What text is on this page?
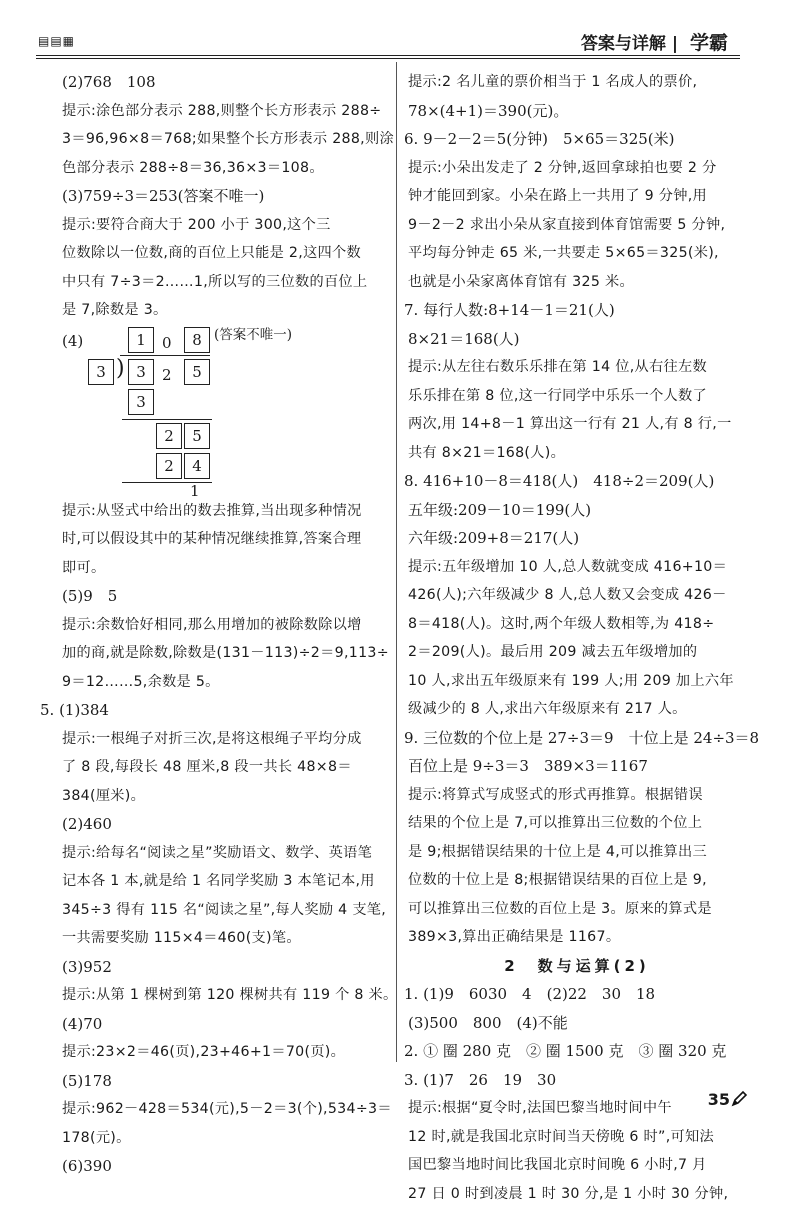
▤▤▦	答案与详解 | 学霸
(2)768　108
提示:涂色部分表示 288,则整个长方形表示 288÷
3＝96,96×8＝768;如果整个长方形表示 288,则涂
色部分表示 288÷8＝36,36×3＝108。
(3)759÷3＝253(答案不唯一)
提示:要符合商大于 200 小于 300,这个三
位数除以一位数,商的百位上只能是 2,这四个数
中只有 7÷3＝2……1,所以写的三位数的百位上
是 7,除数是 3。
(4)	(答案不唯一)
1	0	8
3 ) 3	2	5
3
2	5
2	4
1
提示:从竖式中给出的数去推算,当出现多种情况
时,可以假设其中的某种情况继续推算,答案合理
即可。
(5)9　5
提示:余数恰好相同,那么用增加的被除数除以增
加的商,就是除数,除数是(131－113)÷2＝9,113÷
9＝12……5,余数是 5。
5. (1)384
提示:一根绳子对折三次,是将这根绳子平均分成
了 8 段,每段长 48 厘米,8 段一共长 48×8＝
384(厘米)。
(2)460
提示:给每名“阅读之星”奖励语文、数学、英语笔
记本各 1 本,就是给 1 名同学奖励 3 本笔记本,用
345÷3 得有 115 名“阅读之星”,每人奖励 4 支笔,
一共需要奖励 115×4＝460(支)笔。
(3)952
提示:从第 1 棵树到第 120 棵树共有 119 个 8 米。
(4)70
提示:23×2＝46(页),23+46+1＝70(页)。
(5)178
提示:962－428＝534(元),5－2＝3(个),534÷3＝
178(元)。
(6)390
提示:2 名儿童的票价相当于 1 名成人的票价,
78×(4+1)＝390(元)。
6. 9－2－2＝5(分钟)　5×65＝325(米)
提示:小朵出发走了 2 分钟,返回拿球拍也要 2 分
钟才能回到家。小朵在路上一共用了 9 分钟,用
9－2－2 求出小朵从家直接到体育馆需要 5 分钟,
平均每分钟走 65 米,一共要走 5×65＝325(米),
也就是小朵家离体育馆有 325 米。
7. 每行人数:8+14－1＝21(人)
8×21＝168(人)
提示:从左往右数乐乐排在第 14 位,从右往左数
乐乐排在第 8 位,这一行同学中乐乐一个人数了
两次,用 14+8－1 算出这一行有 21 人,有 8 行,一
共有 8×21＝168(人)。
8. 416+10－8＝418(人)　418÷2＝209(人)
五年级:209－10＝199(人)
六年级:209+8＝217(人)
提示:五年级增加 10 人,总人数就变成 416+10＝
426(人);六年级减少 8 人,总人数又会变成 426－
8＝418(人)。这时,两个年级人数相等,为 418÷
2＝209(人)。最后用 209 减去五年级增加的
10 人,求出五年级原来有 199 人;用 209 加上六年
级减少的 8 人,求出六年级原来有 217 人。
9. 三位数的个位上是 27÷3＝9　十位上是 24÷3＝8
百位上是 9÷3＝3　389×3＝1167
提示:将算式写成竖式的形式再推算。根据错误
结果的个位上是 7,可以推算出三位数的个位上
是 9;根据错误结果的十位上是 4,可以推算出三
位数的十位上是 8;根据错误结果的百位上是 9,
可以推算出三位数的百位上是 3。原来的算式是
389×3,算出正确结果是 1167。
2　数与运算(2)
1. (1)9　6030　4　(2)22　30　18
(3)500　800　(4)不能
2. ① 圈 280 克　② 圈 1500 克　③ 圈 320 克
3. (1)7　26　19　30
提示:根据“夏令时,法国巴黎当地时间中午
12 时,就是我国北京时间当天傍晚 6 时”,可知法
国巴黎当地时间比我国北京时间晚 6 小时,7 月
27 日 0 时到凌晨 1 时 30 分,是 1 小时 30 分钟,
35
